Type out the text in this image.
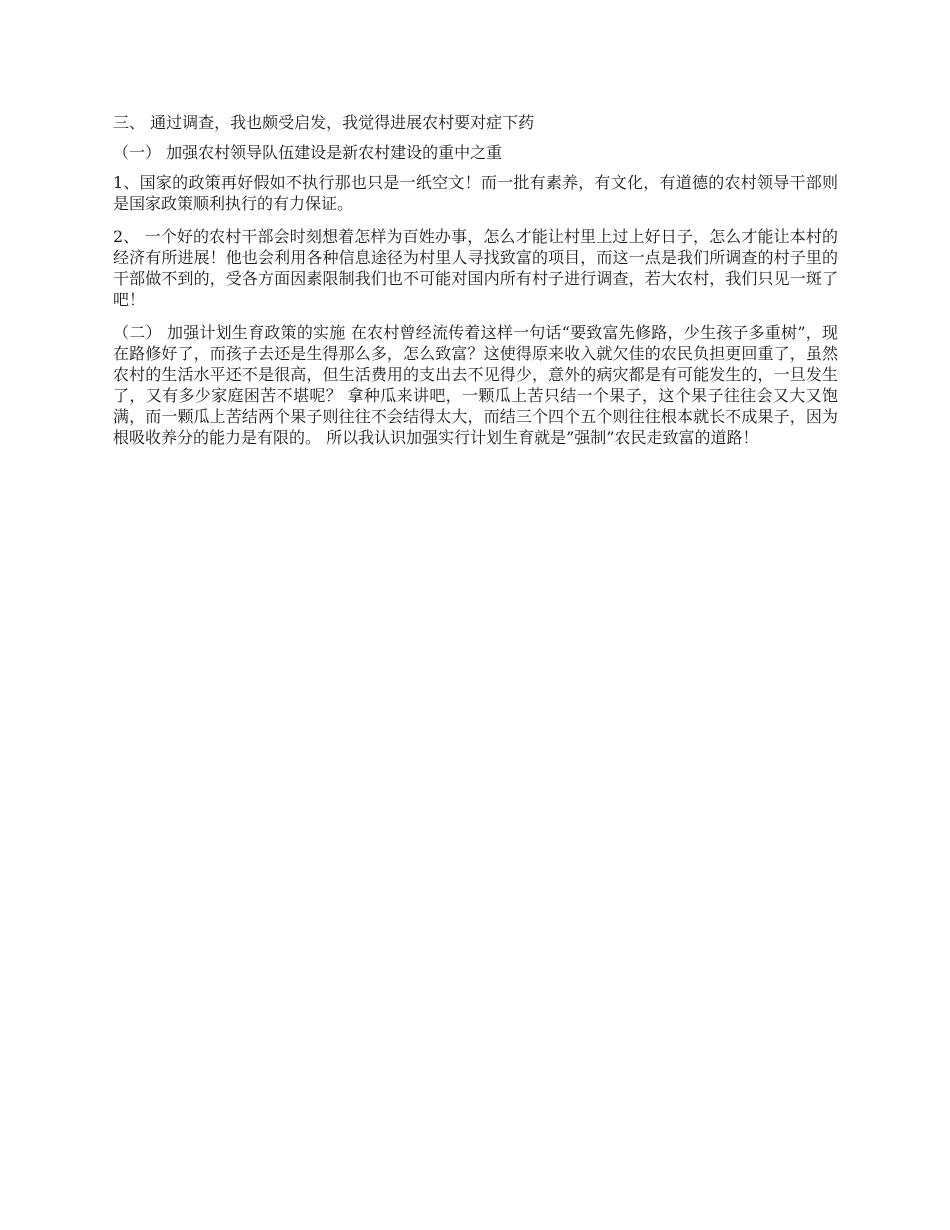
三、 通过调查，我也颇受启发，我觉得进展农村要对症下药

（一） 加强农村领导队伍建设是新农村建设的重中之重

1、国家的政策再好假如不执行那也只是一纸空文！而一批有素养，有文化，有道德的农村领导干部则是国家政策顺利执行的有力保证。

2、 一个好的农村干部会时刻想着怎样为百姓办事，怎么才能让村里上过上好日子，怎么才能让本村的经济有所进展！他也会利用各种信息途径为村里人寻找致富的项目，而这一点是我们所调查的村子里的干部做不到的，受各方面因素限制我们也不可能对国内所有村子进行调查，若大农村，我们只见一斑了吧！

（二） 加强计划生育政策的实施 在农村曾经流传着这样一句话“要致富先修路，少生孩子多重树”，现在路修好了，而孩子去还是生得那么多，怎么致富？这使得原来收入就欠佳的农民负担更回重了，虽然农村的生活水平还不是很高，但生活费用的支出去不见得少，意外的病灾都是有可能发生的，一旦发生了，又有多少家庭困苦不堪呢？ 拿种瓜来讲吧，一颗瓜上苦只结一个果子，这个果子往往会又大又饱满，而一颗瓜上苦结两个果子则往往不会结得太大，而结三个四个五个则往往根本就长不成果子，因为根吸收养分的能力是有限的。 所以我认识加强实行计划生育就是”强制”农民走致富的道路！
